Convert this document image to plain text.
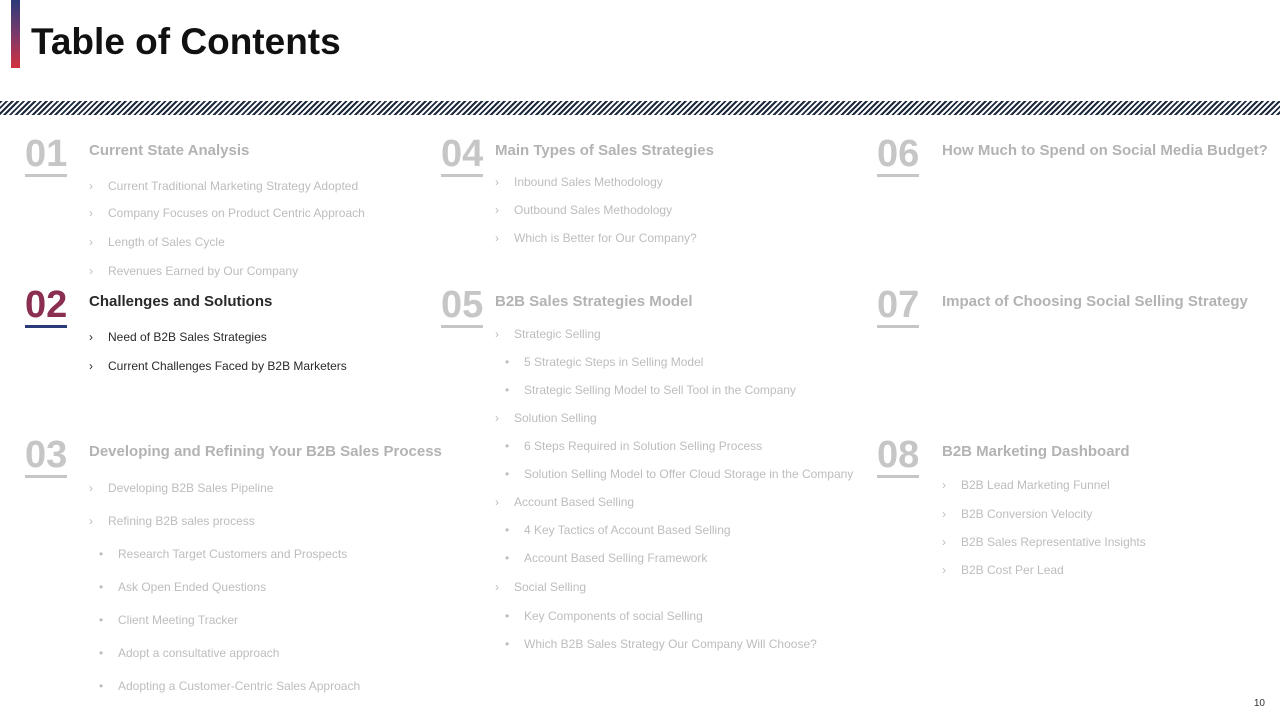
Table of Contents
01 Current State Analysis
› Current Traditional Marketing Strategy Adopted
› Company Focuses on Product Centric Approach
› Length of Sales Cycle
› Revenues Earned by Our Company
02 Challenges and Solutions
› Need of B2B Sales Strategies
› Current Challenges Faced by B2B Marketers
03 Developing and Refining Your B2B Sales Process
› Developing B2B Sales Pipeline
› Refining B2B sales process
• Research Target Customers and Prospects
• Ask Open Ended Questions
• Client Meeting Tracker
• Adopt a consultative approach
• Adopting a Customer-Centric Sales Approach
04 Main Types of Sales Strategies
› Inbound Sales Methodology
› Outbound Sales Methodology
› Which is Better for Our Company?
05 B2B Sales Strategies Model
› Strategic Selling
• 5 Strategic Steps in Selling Model
• Strategic Selling Model to Sell Tool in the Company
› Solution Selling
• 6 Steps Required in Solution Selling Process
• Solution Selling Model to Offer Cloud Storage in the Company
› Account Based Selling
• 4 Key Tactics of Account Based Selling
• Account Based Selling Framework
› Social Selling
• Key Components of social Selling
• Which B2B Sales Strategy Our Company Will Choose?
06 How Much to Spend on Social Media Budget?
07 Impact of Choosing Social Selling Strategy
08 B2B Marketing Dashboard
› B2B Lead Marketing Funnel
› B2B Conversion Velocity
› B2B Sales Representative Insights
› B2B Cost Per Lead
10
